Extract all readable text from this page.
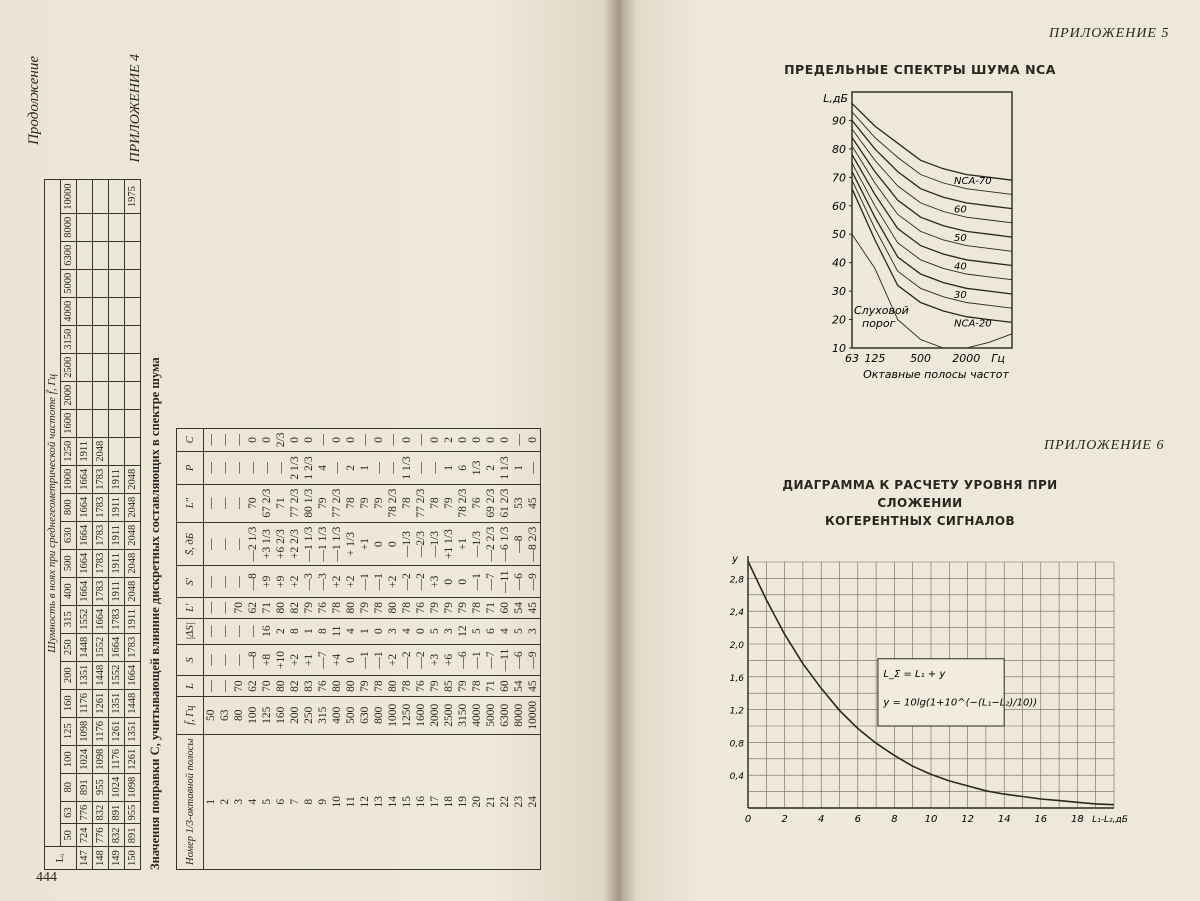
Продолжение
Lᵢ	Шумность в ноях при среднегеометрической частоте f̄, Гц																							
	50	63	80	100	125	160	200	250	315	400	500	630	800	1000	1250	1600	2000	2500	3150	4000	5000	6300	8000	10000
147	724	776	891	1024	1098	1176	1351	1448	1552	1664	1664	1664	1664	1664	1911									
148	776	832	955	1098	1176	1261	1448	1552	1664	1783	1783	1783	1783	1783	2048									
149	832	891	1024	1176	1261	1351	1552	1664	1783	1911	1911	1911	1911	1911										
150	891	955	1098	1261	1351	1448	1664	1783	1911	2048	2048	2048	2048	2048										1975
ПРИЛОЖЕНИЕ 4
Значения поправки C, учитывающей влияние дискретных составляющих в спектре шума Номер 1/3-октавной полосы	f̄, Гц	L	S	|ΔS|	L'	S'	S̄, дБ	L''	P	C
1	50	—	—	—	—	—	—	—	—	—
2	63	—	—	—	—	—	—	—	—	—
3	80	70	—	—	70	—	—	—	—	—
4	100	62	—8	—	62	—8	—2 1/3	70	—	0
5	125	70	+8	16	71	+9	+3 1/3	67 2/3	—	0
6	160	80	+10	2	80	+9	+6 2/3	71	—	2/3
7	200	82	+2	8	82	+2	+2 2/3	77 2/3	2 1/3	0
8	250	83	+1	1	79	—3	—1 1/3	80 1/3	1 2/3	0
9	315	76	—7	8	76	—3	—1 1/3	79	4	—
10	400	80	+4	11	78	+2	—1 1/3	77 2/3	—	0
11	500	80	0	4	80	+2	+ 1/3	78	2	0
12	630	79	—1	1	79	—1	+1	79	1	—
13	800	78	—1	0	78	—1	0	79	—	0
14	1000	80	+2	3	80	+2	0	78 2/3	—	—
15	1250	78	—2	4	78	—2	—1/3	78	1 1/3	0
16	1600	76	—2	0	76	—2	—2/3	77 2/3	—	—
17	2000	79	+3	5	79	+3	—1/3	78	—	0
18	2500	85	+6	3	79	0	+1 1/3	79	1	2
19	3150	79	—6	12	79	0	+1	78 2/3	6	0
20	4000	78	—1	5	78	—1	—1/3	76	1/3	0
21	5000	71	—7	6	71	—7	—2 2/3	69 2/3	2	0
22	6300	60	—11	4	60	—11	—6 1/3	61 2/3	1 1/3	0
23	8000	54	—6	5	54	—6	—8	53	1	—
24	10000	45	—9	3	45	—9	—8 2/3	45	—	0
444
ПРИЛОЖЕНИЕ 5
ПРЕДЕЛЬНЫЕ СПЕКТРЫ ШУМА NCA
10
20
30
40
50
60
70
80
90
L,дБ
63 125 500 2000 Гц
Октавные полосы частот
NCA-70
60
50
40
30
NCA-20
Слуховой
порог
ПРИЛОЖЕНИЕ 6
ДИАГРАММА К РАСЧЕТУ УРОВНЯ ПРИ СЛОЖЕНИИ
КОГЕРЕНТНЫХ СИГНАЛОВ
0,4
0,8
1,2
1,6
2,0
2,4
2,8
y
0	2	4	6	8	10 12 14 16 18 L₁-L₂,дБ
L_Σ = L₁ + y
y = 10lg(1+10^(−(L₁−L₂)/10))
